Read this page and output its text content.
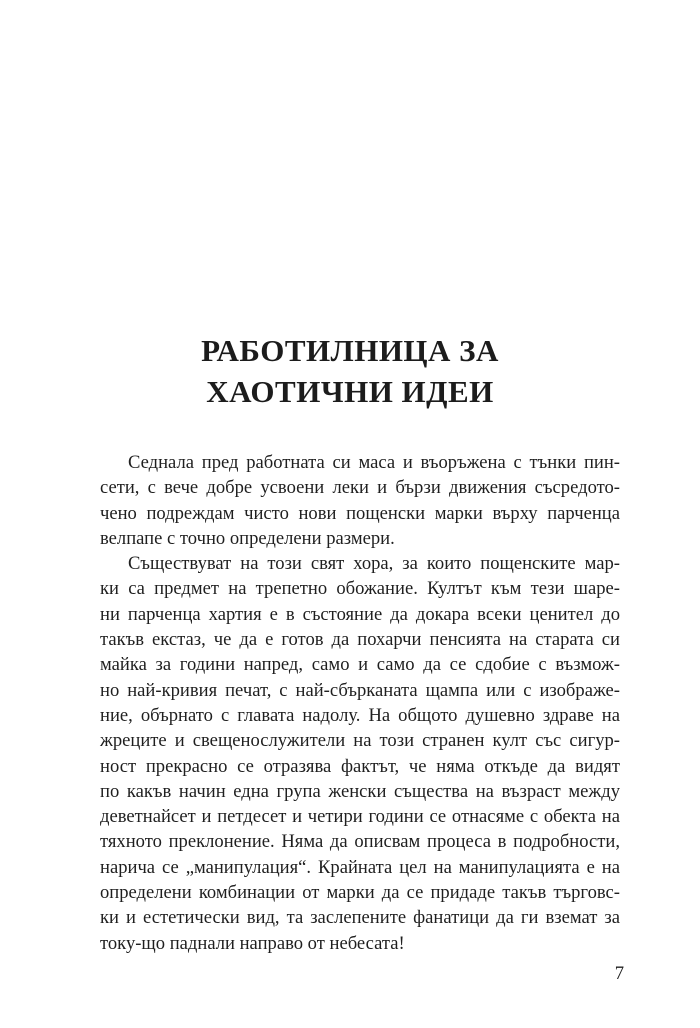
РАБОТИЛНИЦА ЗА
ХАОТИЧНИ ИДЕИ

Седнала пред работната си маса и въоръжена с тънки пин-
сети, с вече добре усвоени леки и бързи движения съсредото-
чено подреждам чисто нови пощенски марки върху парченца
велпапе с точно определени размери.

Съществуват на този свят хора, за които пощенските мар-
ки са предмет на трепетно обожание. Култът към тези шаре-
ни парченца хартия е в състояние да докара всеки ценител до
такъв екстаз, че да е готов да похарчи пенсията на старата си
майка за години напред, само и само да се сдобие с възмож-
но най-кривия печат, с най-сбърканата щампа или с изображе-
ние, обърнато с главата надолу. На общото душевно здраве на
жреците и свещенослужители на този странен култ със сигур-
ност прекрасно се отразява фактът, че няма откъде да видят
по какъв начин една група женски същества на възраст между
деветнайсет и петдесет и четири години се отнасяме с обекта на
тяхното преклонение. Няма да описвам процеса в подробности,
нарича се „манипулация“. Крайната цел на манипулацията е на
определени комбинации от марки да се придаде такъв търговс-
ки и естетически вид, та заслепените фанатици да ги вземат за
току-що паднали направо от небесата!

7
